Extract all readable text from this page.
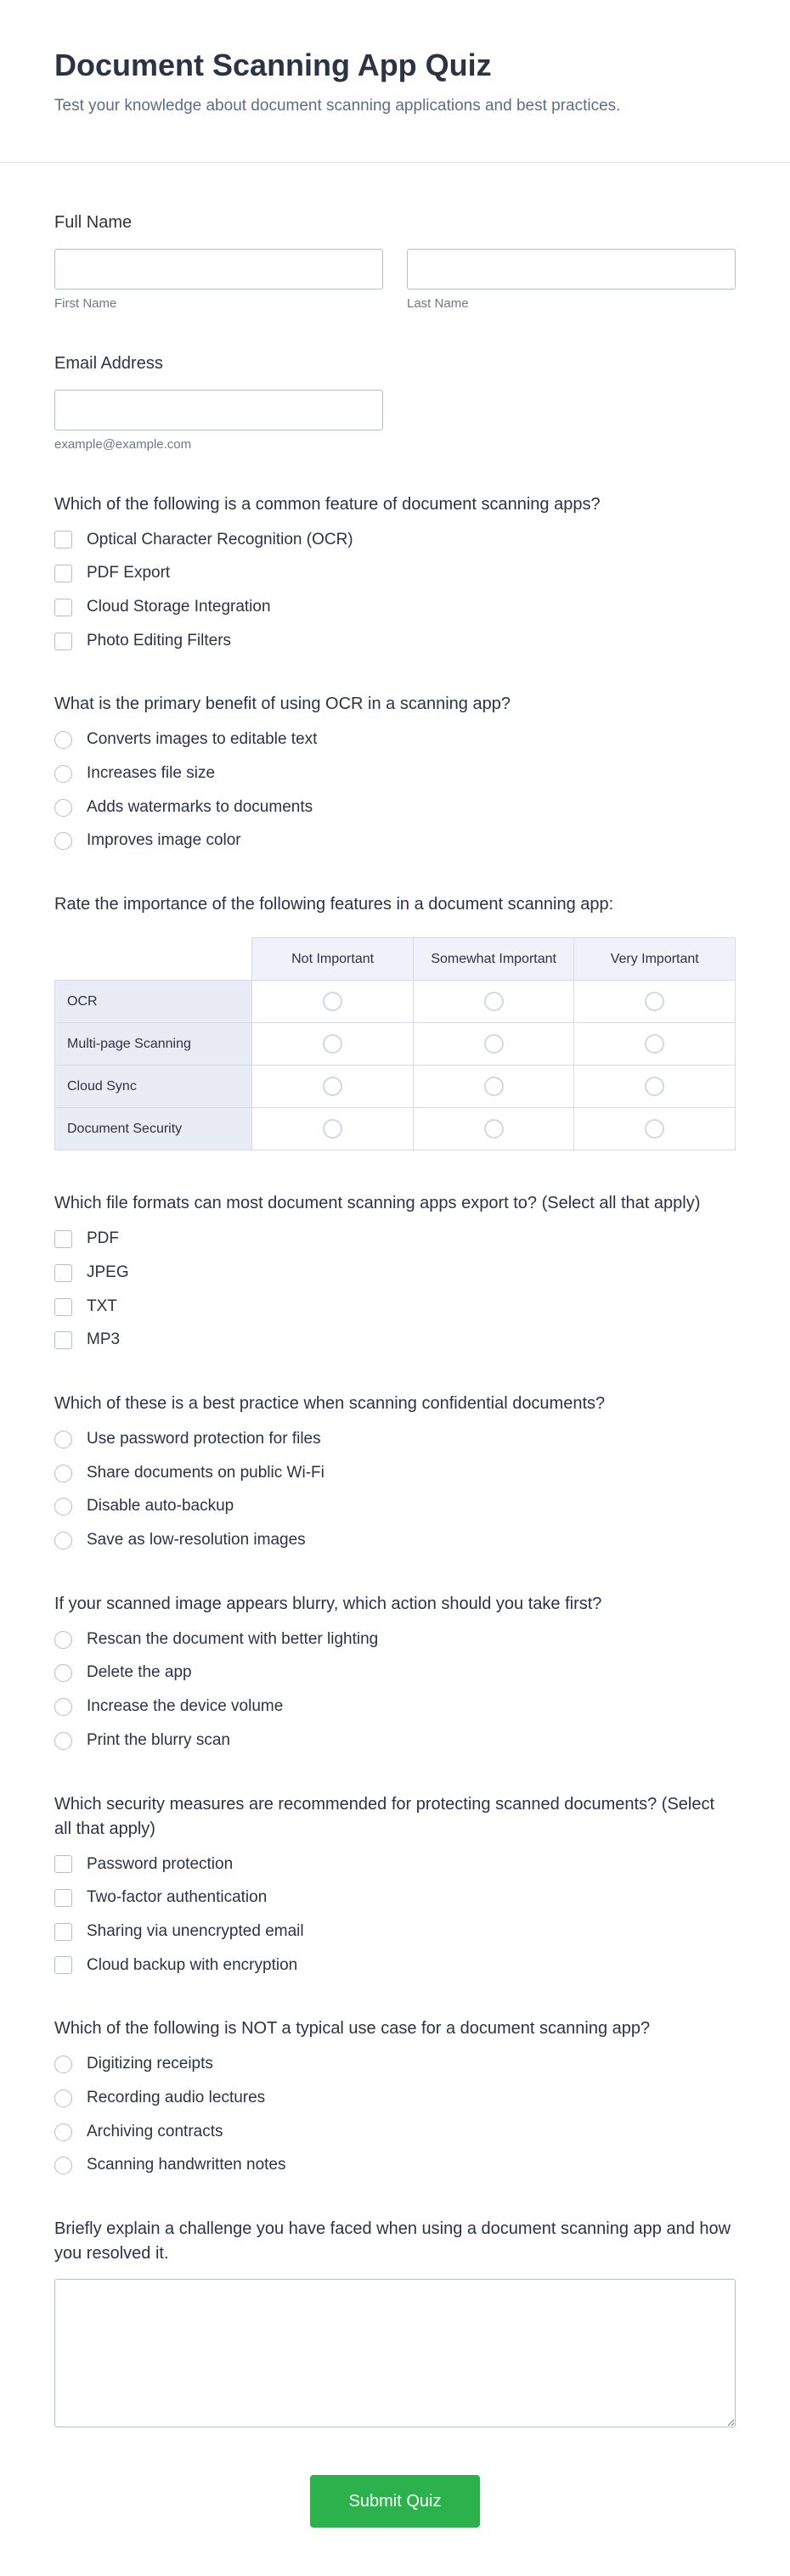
Document Scanning App Quiz

Test your knowledge about document scanning applications and best practices.

Full Name
First Name	Last Name
Email Address
example@example.com
Which of the following is a common feature of document scanning apps?
Optical Character Recognition (OCR)
PDF Export
Cloud Storage Integration
Photo Editing Filters
What is the primary benefit of using OCR in a scanning app?
Converts images to editable text
Increases file size
Adds watermarks to documents
Improves image color
Rate the importance of the following features in a document scanning app:
	Not Important	Somewhat Important	Very Important
OCR			
Multi-page Scanning			
Cloud Sync			
Document Security			
Which file formats can most document scanning apps export to? (Select all that apply)
PDF
JPEG
TXT
MP3
Which of these is a best practice when scanning confidential documents?
Use password protection for files
Share documents on public Wi-Fi
Disable auto-backup
Save as low-resolution images
If your scanned image appears blurry, which action should you take first?
Rescan the document with better lighting
Delete the app
Increase the device volume
Print the blurry scan
Which security measures are recommended for protecting scanned documents? (Select all that apply)
Password protection
Two-factor authentication
Sharing via unencrypted email
Cloud backup with encryption
Which of the following is NOT a typical use case for a document scanning app?
Digitizing receipts
Recording audio lectures
Archiving contracts
Scanning handwritten notes
Briefly explain a challenge you have faced when using a document scanning app and how you resolved it.
Submit Quiz
